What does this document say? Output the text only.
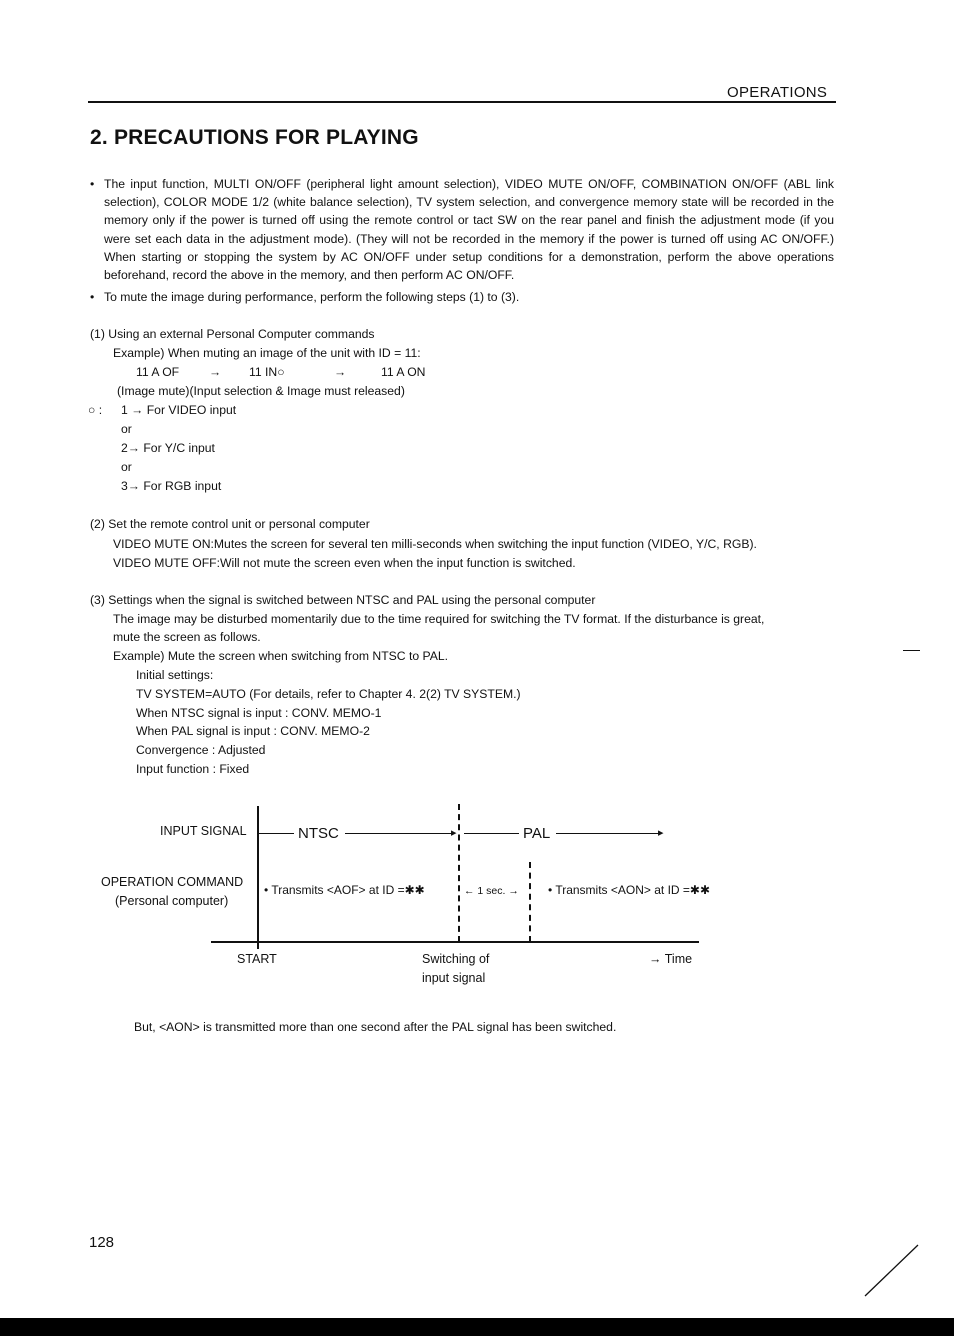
OPERATIONS
2. PRECAUTIONS FOR PLAYING
• The input function, MULTI ON/OFF (peripheral light amount selection), VIDEO MUTE ON/OFF, COMBINATION ON/OFF (ABL link selection), COLOR MODE 1/2 (white balance selection), TV system selection, and convergence memory state will be recorded in the memory only if the power is turned off using the remote control or tact SW on the rear panel and finish the adjustment mode (if you were set each data in the adjustment mode). (They will not be recorded in the memory if the power is turned off using AC ON/OFF.) When starting or stopping the system by AC ON/OFF under setup conditions for a demonstration, perform the above operations beforehand, record the above in the memory, and then perform AC ON/OFF.
• To mute the image during performance, perform the following steps (1) to (3).
(1) Using an external Personal Computer commands
Example) When muting an image of the unit with ID = 11:
11 A OF → 11 IN○	→	11 A ON
(Image mute)(Input selection & Image must released)
○ : 1 → For VIDEO input
or
2→ For Y/C input
or
3→ For RGB input
(2) Set the remote control unit or personal computer
VIDEO MUTE ON:Mutes the screen for several ten milli-seconds when switching the input function (VIDEO, Y/C, RGB).
VIDEO MUTE OFF:Will not mute the screen even when the input function is switched.
(3) Settings when the signal is switched between NTSC and PAL using the personal computer
The image may be disturbed momentarily due to the time required for switching the TV format. If the disturbance is great,
mute the screen as follows.
Example) Mute the screen when switching from NTSC to PAL.
Initial settings:
TV SYSTEM=AUTO (For details, refer to Chapter 4. 2(2) TV SYSTEM.)
When NTSC signal is input : CONV. MEMO-1
When PAL signal is input : CONV. MEMO-2
Convergence : Adjusted
Input function : Fixed
INPUT SIGNAL	NTSC	▸	PAL	▸
OPERATION COMMAND
(Personal computer)
• Transmits <AOF> at ID =✱✱	← 1 sec. → • Transmits <AON> at ID =✱✱
START	Switching of
input signal
→ Time
But, <AON> is transmitted more than one second after the PAL signal has been switched.
128
